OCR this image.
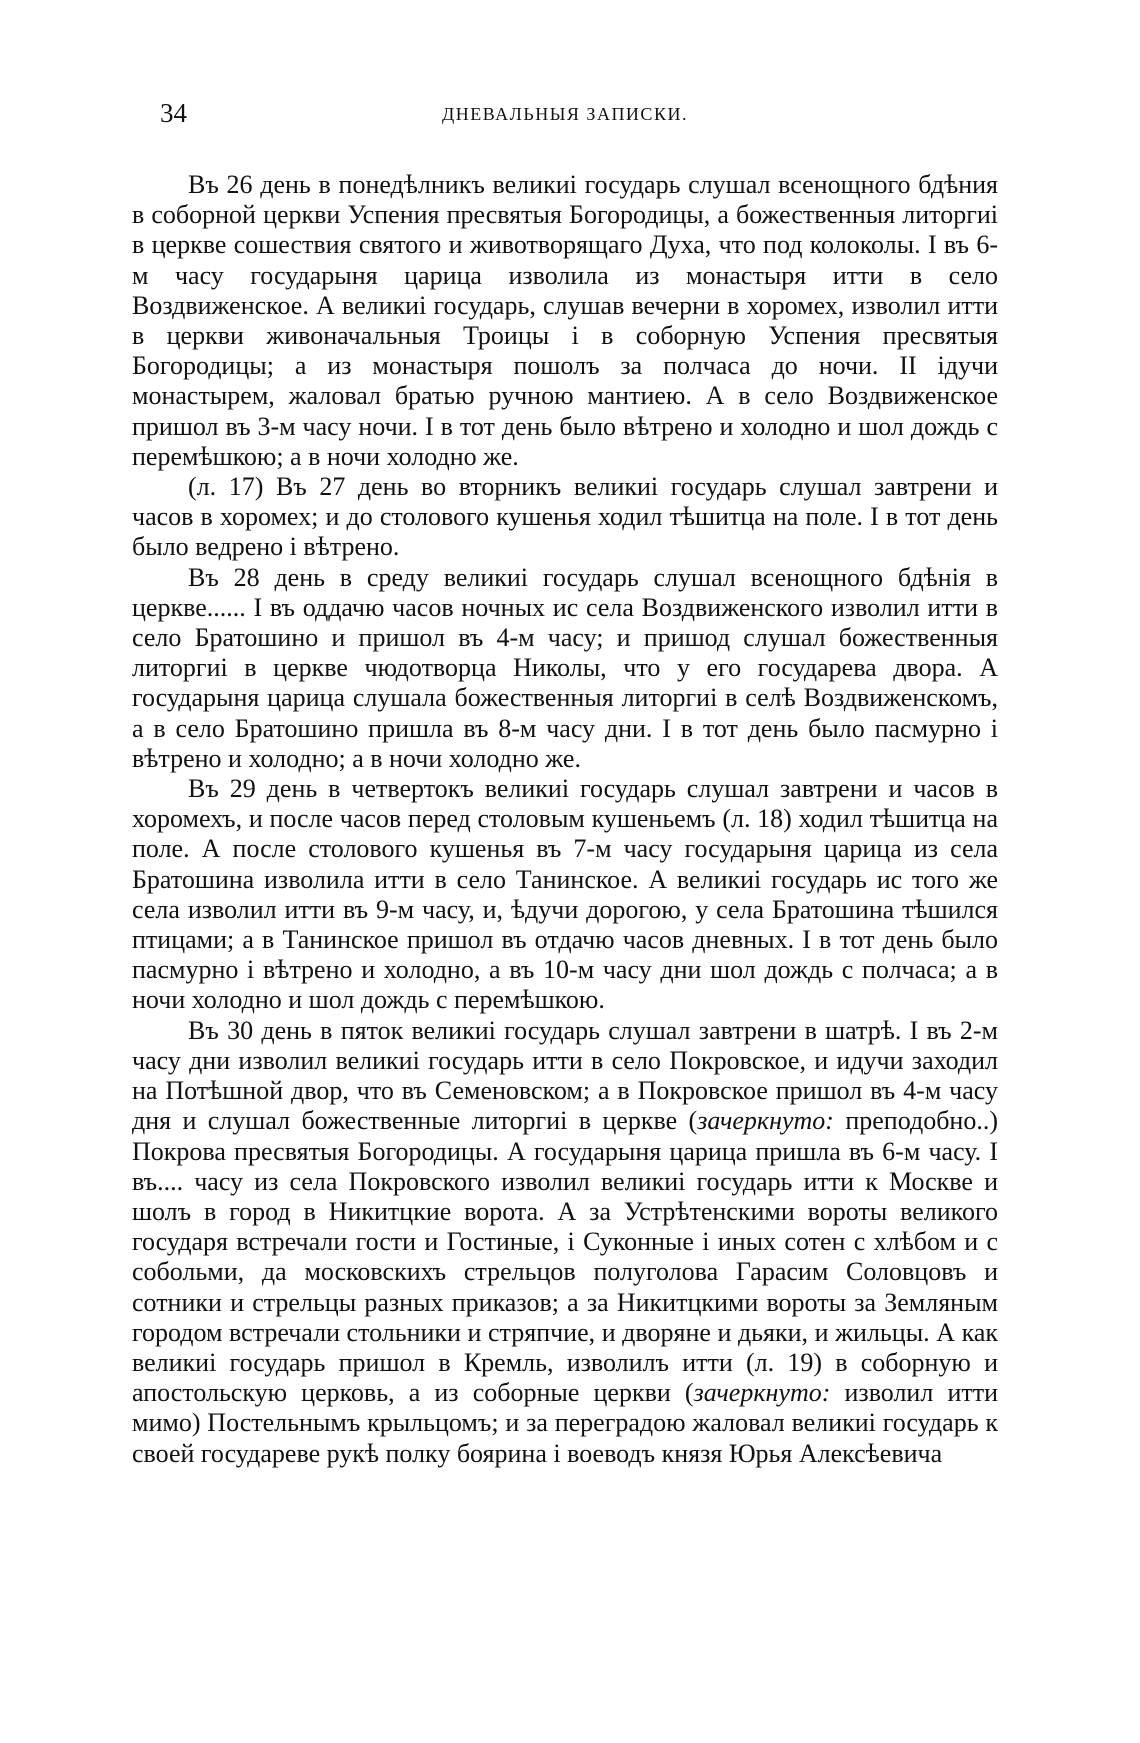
34	ДНЕВАЛЬНЫЯ ЗАПИСКИ.

Въ 26 день в понедѣлникъ великиі государь слушал всенощного бдѣния в соборной церкви Успения пресвятыя Богородицы, а божественныя литоргиі в церкве сошествия святого и животворящаго Духа, что под колоколы. І въ 6-м часу государыня царица изволила из монастыря итти в село Воздвиженское. А великиі государь, слушав вечерни в хоромех, изволил итти в церкви живоначальныя Троицы і в соборную Успения пресвятыя Богородицы; а из монастыря пошолъ за полчаса до ночи. ІІ ідучи монастырем, жаловал братью ручною мантиею. А в село Воздвиженское пришол въ 3-м часу ночи. І в тот день было вѣтрено и холодно и шол дождь с перемѣшкою; а в ночи холодно же.

(л. 17) Въ 27 день во вторникъ великиі государь слушал завтрени и часов в хоромех; и до столового кушенья ходил тѣшитца на поле. І в тот день было ведрено і вѣтрено.

Въ 28 день в среду великиі государь слушал всенощного бдѣнія в церкве...... І въ оддачю часов ночных ис села Воздвиженского изволил итти в село Братошино и пришол въ 4-м часу; и пришод слушал божественныя литоргиі в церкве чюдотворца Николы, что у его государева двора. А государыня царица слушала божественныя литоргиі в селѣ Воздвиженскомъ, а в село Братошино пришла въ 8-м часу дни. І в тот день было пасмурно і вѣтрено и холодно; а в ночи холодно же.

Въ 29 день в четвертокъ великиі государь слушал завтрени и часов в хоромехъ, и после часов перед столовым кушеньемъ (л. 18) ходил тѣшитца на поле. А после столового кушенья въ 7-м часу государыня царица из села Братошина изволила итти в село Танинское. А великиі государь ис того же села изволил итти въ 9-м часу, и, ѣдучи дорогою, у села Братошина тѣшился птицами; а в Танинское пришол въ отдачю часов дневных. І в тот день было пасмурно і вѣтрено и холодно, а въ 10-м часу дни шол дождь с полчаса; а в ночи холодно и шол дождь с перемѣшкою.

Въ 30 день в пяток великиі государь слушал завтрени в шатрѣ. І въ 2-м часу дни изволил великиі государь итти в село Покровское, и идучи заходил на Потѣшной двор, что въ Семеновском; а в Покровское пришол въ 4-м часу дня и слушал божественные литоргиі в церкве (зачеркнуто: преподобно..) Покрова пресвятыя Богородицы. А государыня царица пришла въ 6-м часу. І въ.... часу из села Покровского изволил великиі государь итти к Москве и шолъ в город в Никитцкие ворота. А за Устрѣтенскими вороты великого государя встречали гости и Гостиные, і Суконные і иных сотен с хлѣбом и с собольми, да московскихъ стрельцов полуголова Гарасим Соловцовъ и сотники и стрельцы разных приказов; а за Никитцкими вороты за Земляным городом встречали стольники и стряпчие, и дворяне и дьяки, и жильцы. А как великиі государь пришол в Кремль, изволилъ итти (л. 19) в соборную и апостольскую церковь, а из соборные церкви (зачеркнуто: изволил итти мимо) Постельнымъ крыльцомъ; и за перегрaдою жаловал великиі государь к своей государеве рукѣ полку боярина і воеводъ князя Юрья Алексѣевича
